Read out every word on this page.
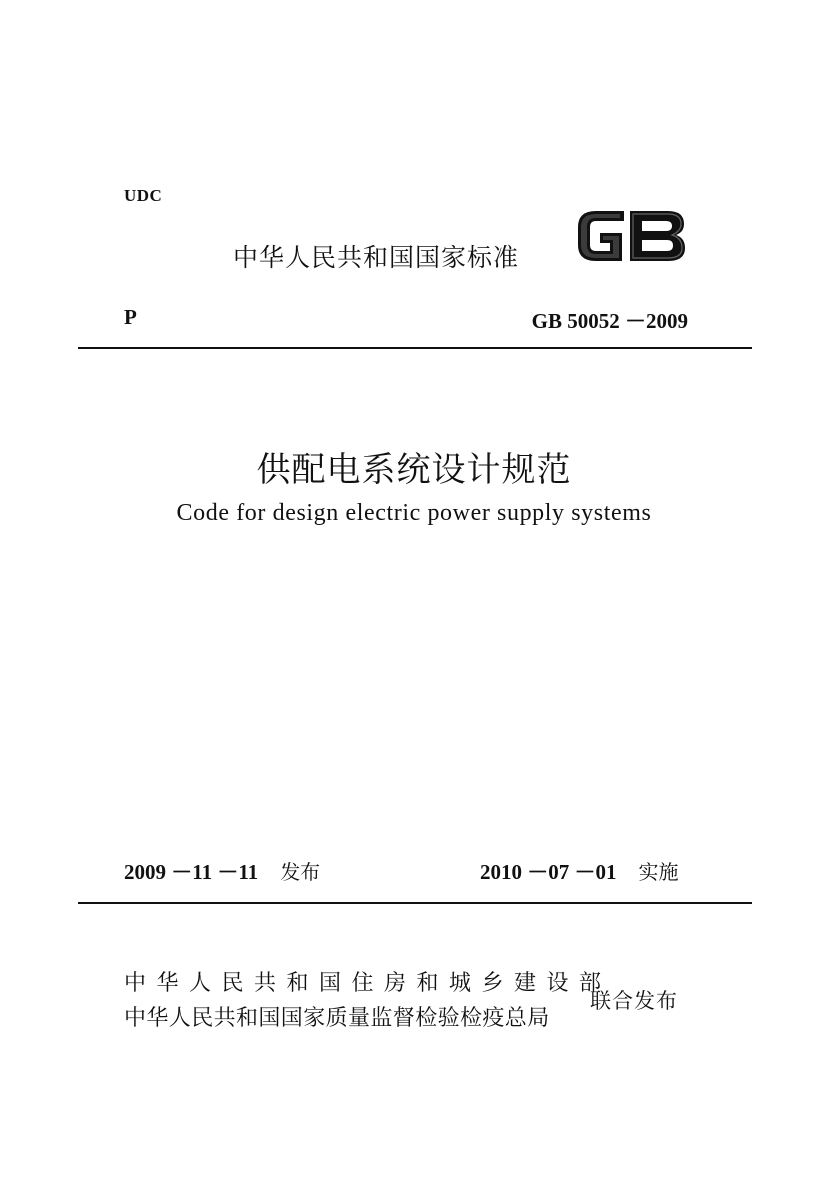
UDC
中华人民共和国国家标准
P	GB 50052 －2009
供配电系统设计规范
Code for design electric power supply systems
2009 －11 －11 发布	2010 －07 －01 实施
中华人民共和国住房和城乡建设部
中华人民共和国国家质量监督检验检疫总局
联合发布
